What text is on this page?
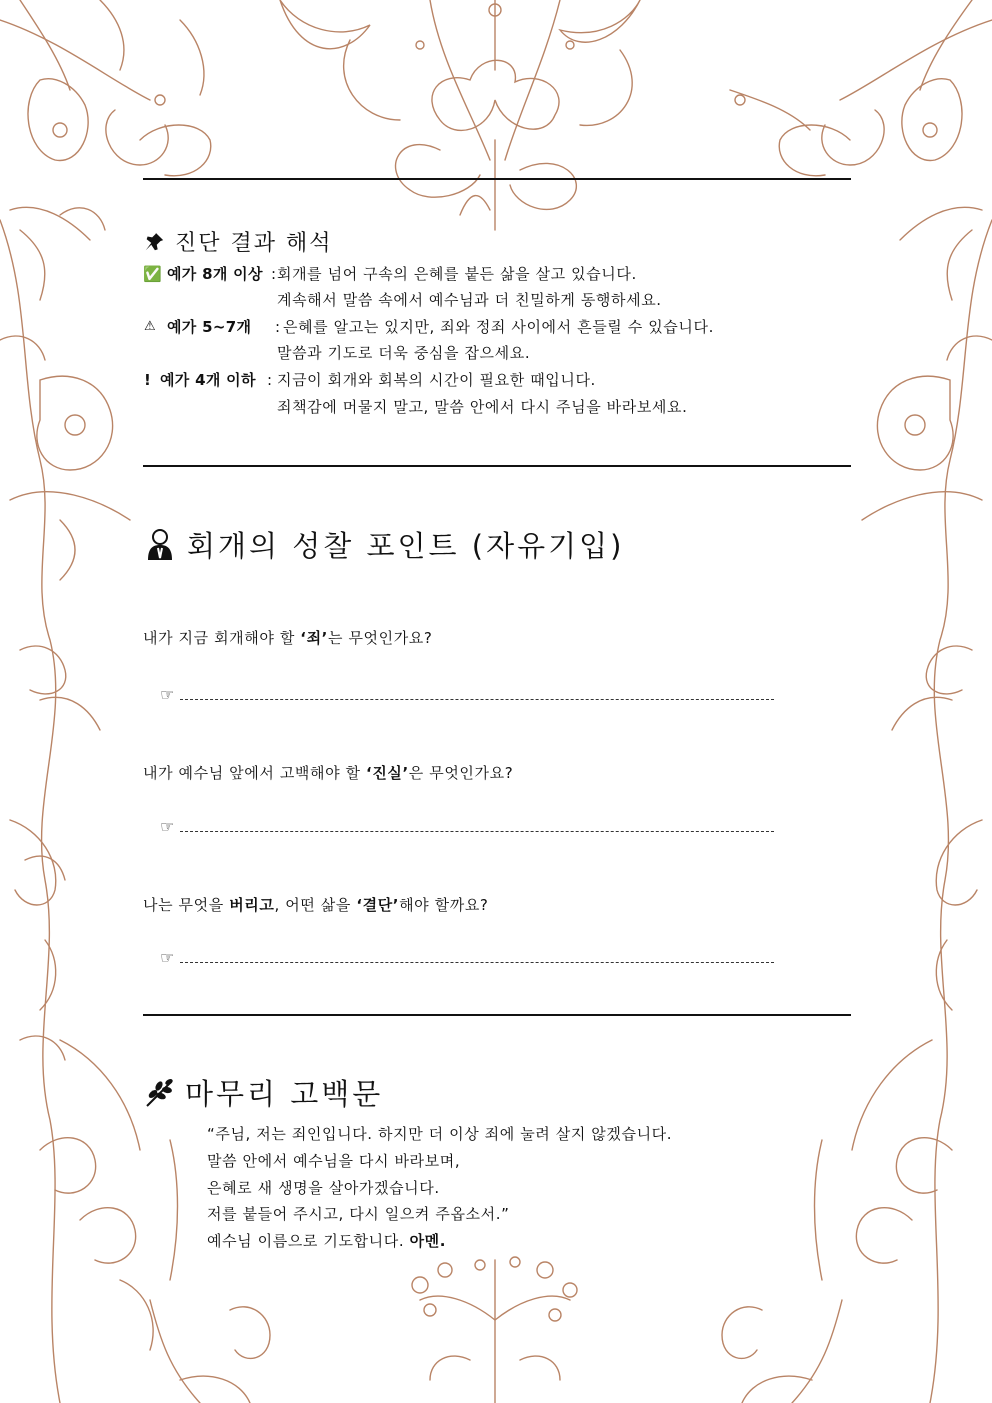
진단 결과 해석
✅ 예가 8개 이상 : 회개를 넘어 구속의 은혜를 붙든 삶을 살고 있습니다.
계속해서 말씀 속에서 예수님과 더 친밀하게 동행하세요.
⚠ 예가 5~7개 : 은혜를 알고는 있지만, 죄와 정죄 사이에서 흔들릴 수 있습니다.
말씀과 기도로 더욱 중심을 잡으세요.
! 예가 4개 이하 : 지금이 회개와 회복의 시간이 필요한 때입니다.
죄책감에 머물지 말고, 말씀 안에서 다시 주님을 바라보세요.
회개의 성찰 포인트 (자유기입)
내가 지금 회개해야 할 ‘죄’는 무엇인가요?
☞
내가 예수님 앞에서 고백해야 할 ‘진실’은 무엇인가요?
☞
나는 무엇을 버리고, 어떤 삶을 ‘결단’해야 할까요?
☞
마무리 고백문
“주님, 저는 죄인입니다. 하지만 더 이상 죄에 눌려 살지 않겠습니다.
말씀 안에서 예수님을 다시 바라보며,
은혜로 새 생명을 살아가겠습니다.
저를 붙들어 주시고, 다시 일으켜 주옵소서.”
예수님 이름으로 기도합니다. 아멘.
